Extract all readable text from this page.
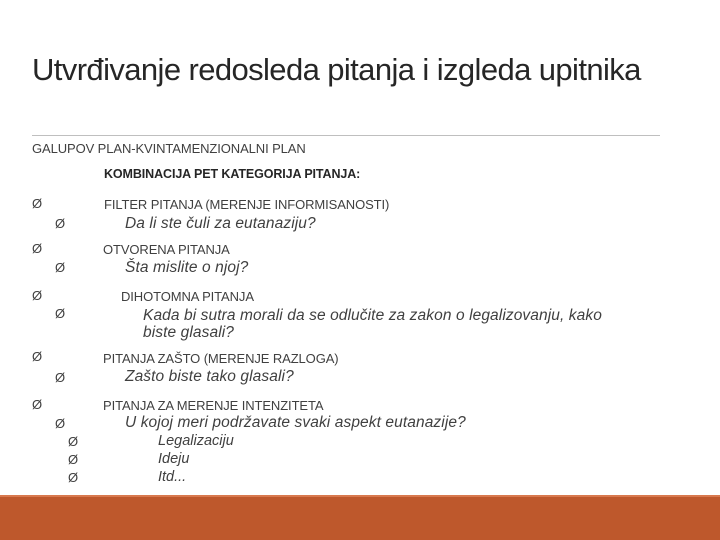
Utvrđivanje redosleda pitanja i izgleda upitnika
GALUPOV PLAN-KVINTAMENZIONALNI PLAN
KOMBINACIJA PET KATEGORIJA PITANJA:
Ø	FILTER PITANJA (MERENJE INFORMISANOSTI)
Ø	Da li ste čuli za eutanaziju?
Ø	OTVORENA PITANJA
Ø	Šta mislite o njoj?
Ø	DIHOTOMNA PITANJA
Ø	Kada bi sutra morali da se odlučite za zakon o legalizovanju, kako
biste glasali?
Ø	PITANJA ZAŠTO (MERENJE RAZLOGA)
Ø	Zašto biste tako glasali?
Ø	PITANJA ZA MERENJE INTENZITETA
Ø	U kojoj meri podržavate svaki aspekt eutanazije?
Ø	Legalizaciju
Ø	Ideju
Ø	Itd...
